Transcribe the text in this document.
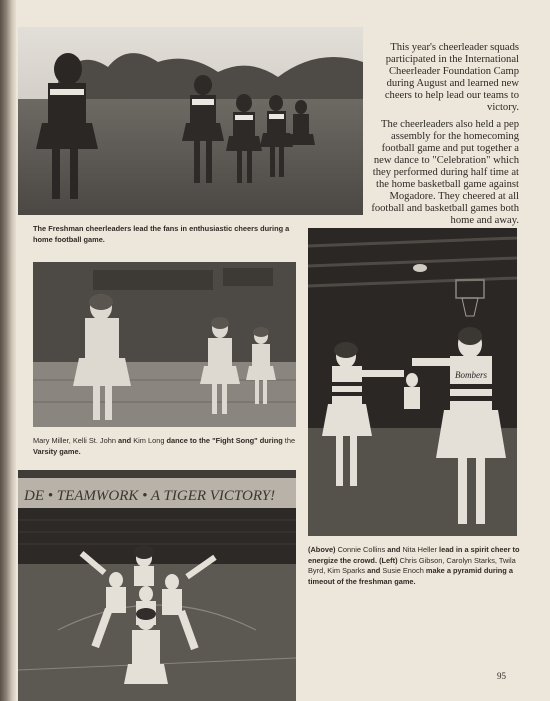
This year's cheerleader squads participated in the International Cheerleader Foundation Camp during August and learned new cheers to help lead our teams to victory.

The cheerleaders also held a pep assembly for the homecoming football game and put together a new dance to "Celebration" which they performed during half time at the home basketball game against Mogadore. They cheered at all football and basketball games both home and away.

The Freshman cheerleaders lead the fans in enthusiastic cheers during a home football game.
Mary Miller, Kelli St. John and Kim Long dance to the "Fight Song" during the Varsity game.
Bombers
DE • TEAMWORK • A TIGER VICTORY!
(Above) Connie Collins and Nita Heller lead in a spirit cheer to energize the crowd. (Left) Chris Gibson, Carolyn Starks, Twila Byrd, Kim Sparks and Susie Enoch make a pyramid during a timeout of the freshman game.
95
